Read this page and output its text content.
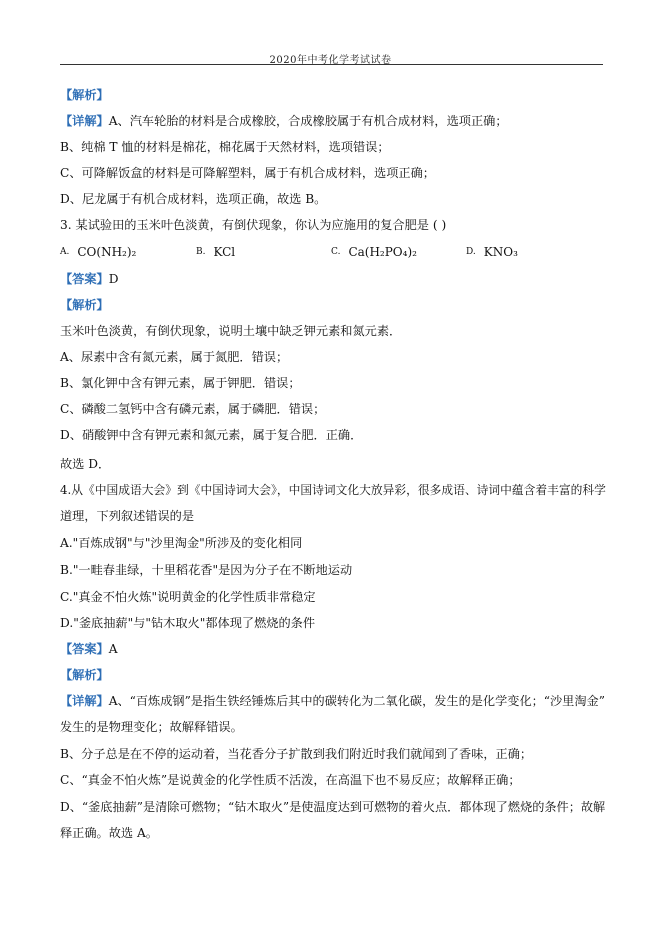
2020年中考化学考试试卷
【解析】
【详解】A、汽车轮胎的材料是合成橡胶，合成橡胶属于有机合成材料，选项正确；
B、纯棉 T 恤的材料是棉花，棉花属于天然材料，选项错误；
C、可降解饭盒的材料是可降解塑料，属于有机合成材料，选项正确；
D、尼龙属于有机合成材料，选项正确，故选 B。
3. 某试验田的玉米叶色淡黄，有倒伏现象，你认为应施用的复合肥是 ( )
A. CO(NH₂)₂	B. KCl	C. Ca(H₂PO₄)₂	D. KNO₃
【答案】D
【解析】
玉米叶色淡黄，有倒伏现象，说明土壤中缺乏钾元素和氮元素．
A、尿素中含有氮元素，属于氮肥．错误；
B、氯化钾中含有钾元素，属于钾肥．错误；
C、磷酸二氢钙中含有磷元素，属于磷肥．错误；
D、硝酸钾中含有钾元素和氮元素，属于复合肥．正确．
故选 D．
4.从《中国成语大会》到《中国诗词大会》，中国诗词文化大放异彩，很多成语、诗词中蕴含着丰富的科学
道理，下列叙述错误的是
A."百炼成钢"与"沙里淘金"所涉及的变化相同
B."一畦春韭绿，十里稻花香"是因为分子在不断地运动
C."真金不怕火炼"说明黄金的化学性质非常稳定
D."釜底抽薪"与"钻木取火"都体现了燃烧的条件
【答案】A
【解析】
【详解】A、“百炼成钢”是指生铁经锤炼后其中的碳转化为二氧化碳，发生的是化学变化；“沙里淘金”
发生的是物理变化；故解释错误。
B、分子总是在不停的运动着，当花香分子扩散到我们附近时我们就闻到了香味，正确；
C、“真金不怕火炼”是说黄金的化学性质不活泼，在高温下也不易反应；故解释正确；
D、“釜底抽薪”是清除可燃物；“钻木取火”是使温度达到可燃物的着火点．都体现了燃烧的条件；故解
释正确。故选 A。
